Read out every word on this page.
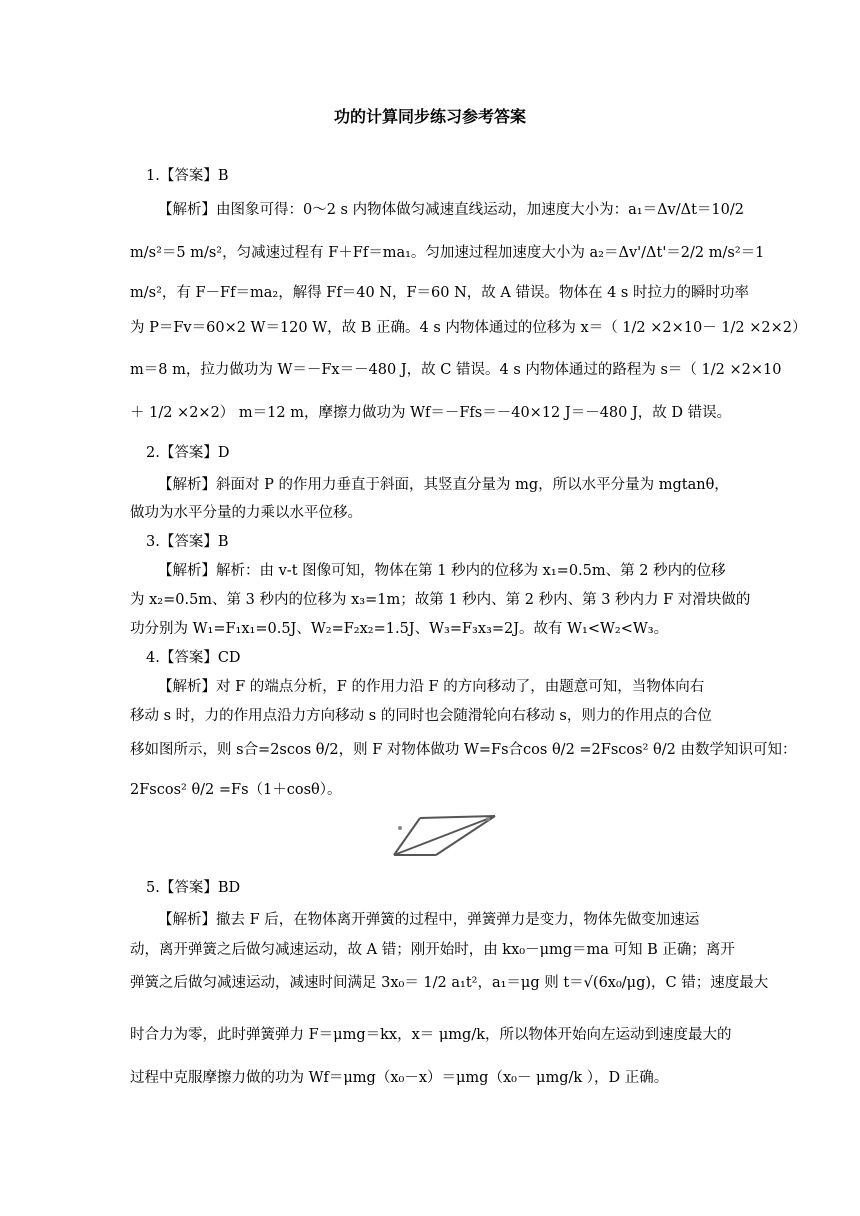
功的计算同步练习参考答案
1.【答案】B
【解析】由图象可得：0～2 s 内物体做匀减速直线运动，加速度大小为：a₁＝Δv/Δt＝10/2
m/s²＝5 m/s²，匀减速过程有 F＋Ff＝ma₁。匀加速过程加速度大小为 a₂＝Δv'/Δt'＝2/2 m/s²＝1
m/s²，有 F－Ff＝ma₂，解得 Ff＝40 N，F＝60 N，故 A 错误。物体在 4 s 时拉力的瞬时功率
为 P＝Fv＝60×2 W＝120 W，故 B 正确。4 s 内物体通过的位移为 x＝（ 1/2 ×2×10－ 1/2 ×2×2）
m＝8 m，拉力做功为 W＝－Fx＝－480 J，故 C 错误。4 s 内物体通过的路程为 s＝（ 1/2 ×2×10
＋ 1/2 ×2×2） m＝12 m，摩擦力做功为 Wf＝－Ffs＝－40×12 J＝－480 J，故 D 错误。
2.【答案】D
【解析】斜面对 P 的作用力垂直于斜面，其竖直分量为 mg，所以水平分量为 mgtanθ，
做功为水平分量的力乘以水平位移。
3.【答案】B
【解析】解析：由 v-t 图像可知，物体在第 1 秒内的位移为 x₁=0.5m、第 2 秒内的位移
为 x₂=0.5m、第 3 秒内的位移为 x₃=1m；故第 1 秒内、第 2 秒内、第 3 秒内力 F 对滑块做的
功分别为 W₁=F₁x₁=0.5J、W₂=F₂x₂=1.5J、W₃=F₃x₃=2J。故有 W₁<W₂<W₃。
4.【答案】CD
【解析】对 F 的端点分析，F 的作用力沿 F 的方向移动了，由题意可知，当物体向右
移动 s 时，力的作用点沿力方向移动 s 的同时也会随滑轮向右移动 s，则力的作用点的合位
移如图所示，则 s合=2scos θ/2，则 F 对物体做功 W=Fs合cos θ/2 =2Fscos² θ/2 由数学知识可知：
2Fscos² θ/2 =Fs（1＋cosθ）。
5.【答案】BD
【解析】撤去 F 后，在物体离开弹簧的过程中，弹簧弹力是变力，物体先做变加速运
动，离开弹簧之后做匀减速运动，故 A 错；刚开始时，由 kx₀－μmg＝ma 可知 B 正确；离开
弹簧之后做匀减速运动，减速时间满足 3x₀＝ 1/2 a₁t²，a₁＝μg 则 t＝√(6x₀/μg)，C 错；速度最大
时合力为零，此时弹簧弹力 F＝μmg＝kx，x＝ μmg/k，所以物体开始向左运动到速度最大的
过程中克服摩擦力做的功为 Wf＝μmg（x₀－x）＝μmg（x₀－ μmg/k ），D 正确。
